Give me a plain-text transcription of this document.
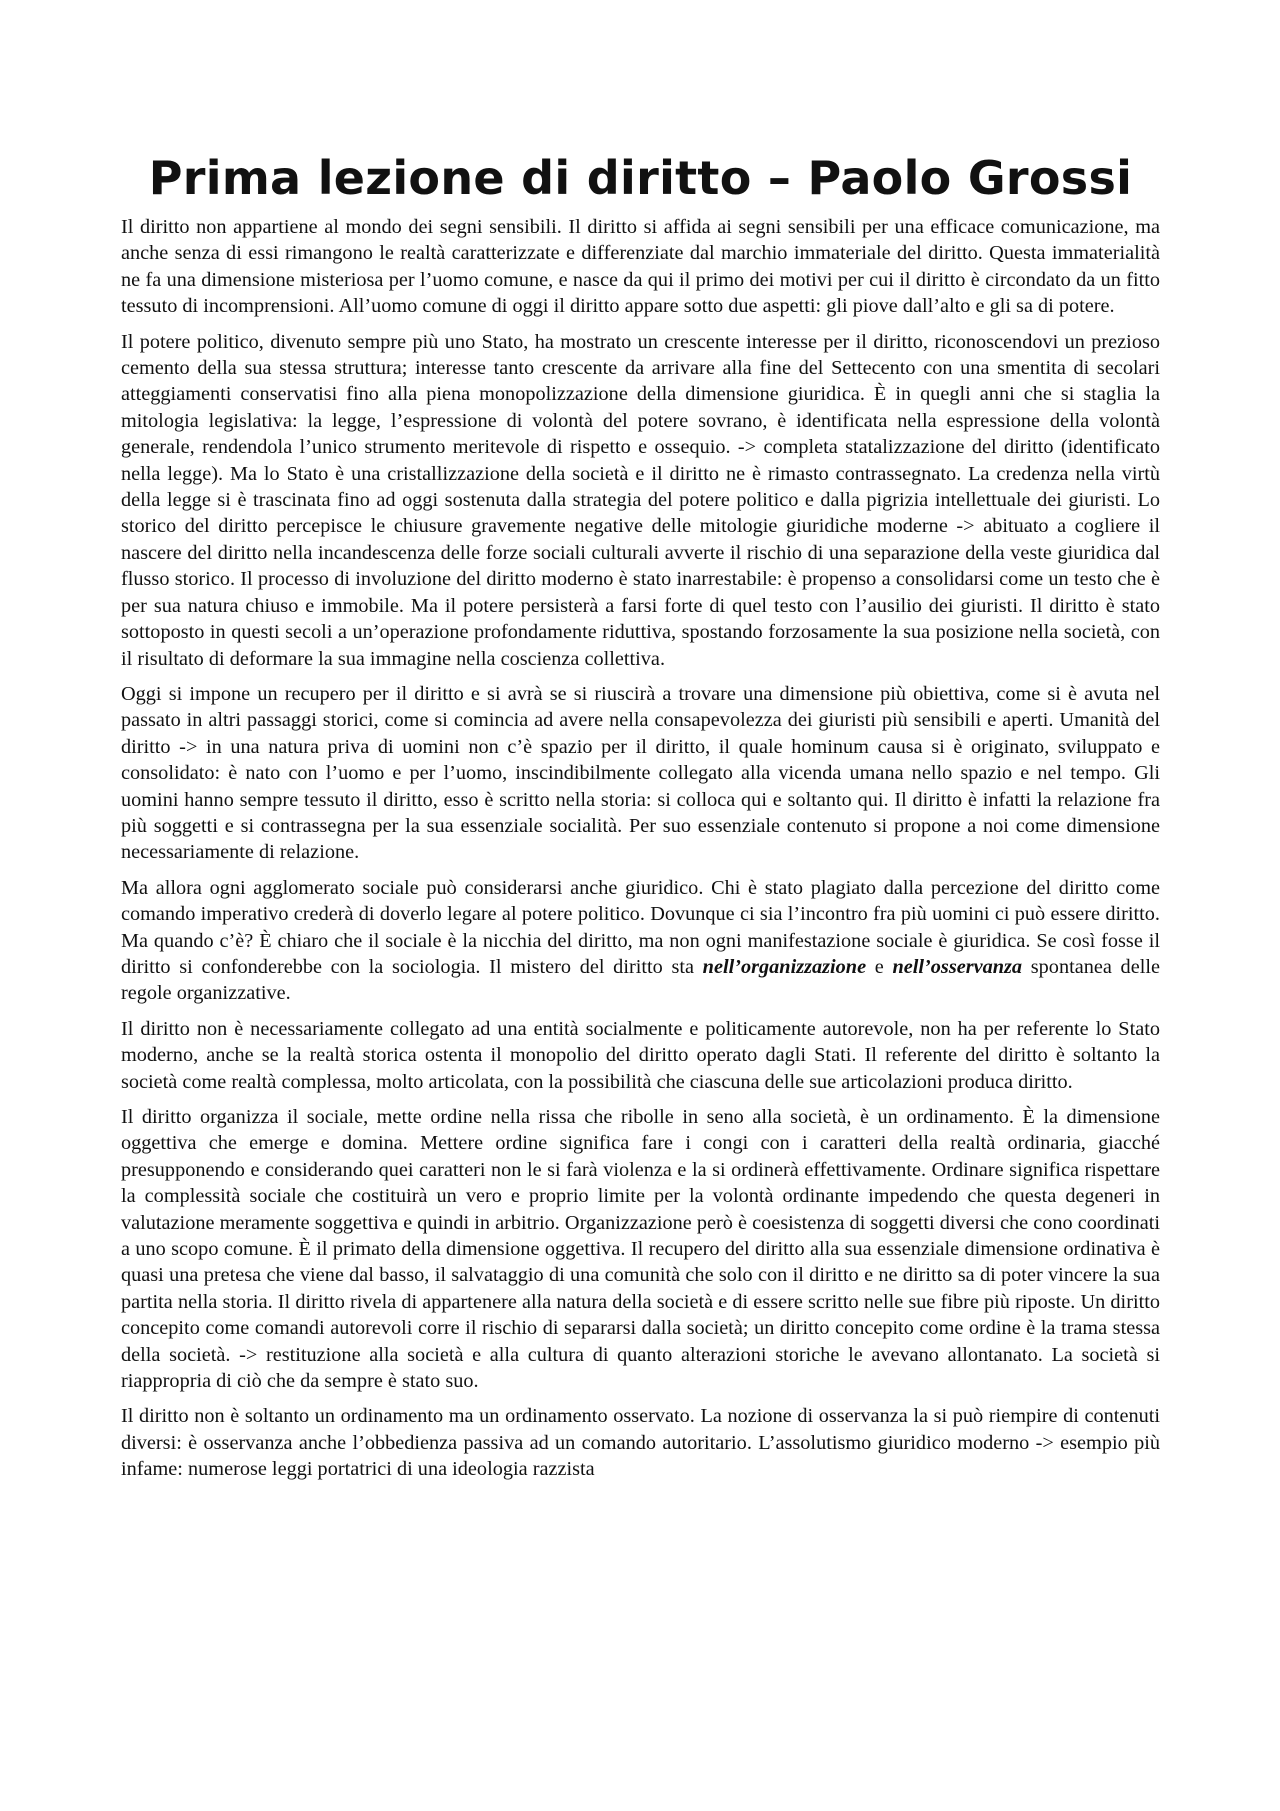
Prima lezione di diritto – Paolo Grossi

Il diritto non appartiene al mondo dei segni sensibili. Il diritto si affida ai segni sensibili per una efficace comunicazione, ma anche senza di essi rimangono le realtà caratterizzate e differenziate dal marchio immateriale del diritto. Questa immaterialità ne fa una dimensione misteriosa per l’uomo comune, e nasce da qui il primo dei motivi per cui il diritto è circondato da un fitto tessuto di incomprensioni. All’uomo comune di oggi il diritto appare sotto due aspetti: gli piove dall’alto e gli sa di potere.

Il potere politico, divenuto sempre più uno Stato, ha mostrato un crescente interesse per il diritto, riconoscendovi un prezioso cemento della sua stessa struttura; interesse tanto crescente da arrivare alla fine del Settecento con una smentita di secolari atteggiamenti conservatisi fino alla piena monopolizzazione della dimensione giuridica. È in quegli anni che si staglia la mitologia legislativa: la legge, l’espressione di volontà del potere sovrano, è identificata nella espressione della volontà generale, rendendola l’unico strumento meritevole di rispetto e ossequio. -> completa statalizzazione del diritto (identificato nella legge). Ma lo Stato è una cristallizzazione della società e il diritto ne è rimasto contrassegnato. La credenza nella virtù della legge si è trascinata fino ad oggi sostenuta dalla strategia del potere politico e dalla pigrizia intellettuale dei giuristi. Lo storico del diritto percepisce le chiusure gravemente negative delle mitologie giuridiche moderne -> abituato a cogliere il nascere del diritto nella incandescenza delle forze sociali culturali avverte il rischio di una separazione della veste giuridica dal flusso storico. Il processo di involuzione del diritto moderno è stato inarrestabile: è propenso a consolidarsi come un testo che è per sua natura chiuso e immobile. Ma il potere persisterà a farsi forte di quel testo con l’ausilio dei giuristi. Il diritto è stato sottoposto in questi secoli a un’operazione profondamente riduttiva, spostando forzosamente la sua posizione nella società, con il risultato di deformare la sua immagine nella coscienza collettiva.

Oggi si impone un recupero per il diritto e si avrà se si riuscirà a trovare una dimensione più obiettiva, come si è avuta nel passato in altri passaggi storici, come si comincia ad avere nella consapevolezza dei giuristi più sensibili e aperti. Umanità del diritto -> in una natura priva di uomini non c’è spazio per il diritto, il quale hominum causa si è originato, sviluppato e consolidato: è nato con l’uomo e per l’uomo, inscindibilmente collegato alla vicenda umana nello spazio e nel tempo. Gli uomini hanno sempre tessuto il diritto, esso è scritto nella storia: si colloca qui e soltanto qui. Il diritto è infatti la relazione fra più soggetti e si contrassegna per la sua essenziale socialità. Per suo essenziale contenuto si propone a noi come dimensione necessariamente di relazione.

Ma allora ogni agglomerato sociale può considerarsi anche giuridico. Chi è stato plagiato dalla percezione del diritto come comando imperativo crederà di doverlo legare al potere politico. Dovunque ci sia l’incontro fra più uomini ci può essere diritto. Ma quando c’è? È chiaro che il sociale è la nicchia del diritto, ma non ogni manifestazione sociale è giuridica. Se così fosse il diritto si confonderebbe con la sociologia. Il mistero del diritto sta nell’organizzazione e nell’osservanza spontanea delle regole organizzative.

Il diritto non è necessariamente collegato ad una entità socialmente e politicamente autorevole, non ha per referente lo Stato moderno, anche se la realtà storica ostenta il monopolio del diritto operato dagli Stati. Il referente del diritto è soltanto la società come realtà complessa, molto articolata, con la possibilità che ciascuna delle sue articolazioni produca diritto.

Il diritto organizza il sociale, mette ordine nella rissa che ribolle in seno alla società, è un ordinamento. È la dimensione oggettiva che emerge e domina. Mettere ordine significa fare i congi con i caratteri della realtà ordinaria, giacché presupponendo e considerando quei caratteri non le si farà violenza e la si ordinerà effettivamente. Ordinare significa rispettare la complessità sociale che costituirà un vero e proprio limite per la volontà ordinante impedendo che questa degeneri in valutazione meramente soggettiva e quindi in arbitrio. Organizzazione però è coesistenza di soggetti diversi che cono coordinati a uno scopo comune. È il primato della dimensione oggettiva. Il recupero del diritto alla sua essenziale dimensione ordinativa è quasi una pretesa che viene dal basso, il salvataggio di una comunità che solo con il diritto e ne diritto sa di poter vincere la sua partita nella storia. Il diritto rivela di appartenere alla natura della società e di essere scritto nelle sue fibre più riposte. Un diritto concepito come comandi autorevoli corre il rischio di separarsi dalla società; un diritto concepito come ordine è la trama stessa della società. -> restituzione alla società e alla cultura di quanto alterazioni storiche le avevano allontanato. La società si riappropria di ciò che da sempre è stato suo.

Il diritto non è soltanto un ordinamento ma un ordinamento osservato. La nozione di osservanza la si può riempire di contenuti diversi: è osservanza anche l’obbedienza passiva ad un comando autoritario. L’assolutismo giuridico moderno -> esempio più infame: numerose leggi portatrici di una ideologia razzista
